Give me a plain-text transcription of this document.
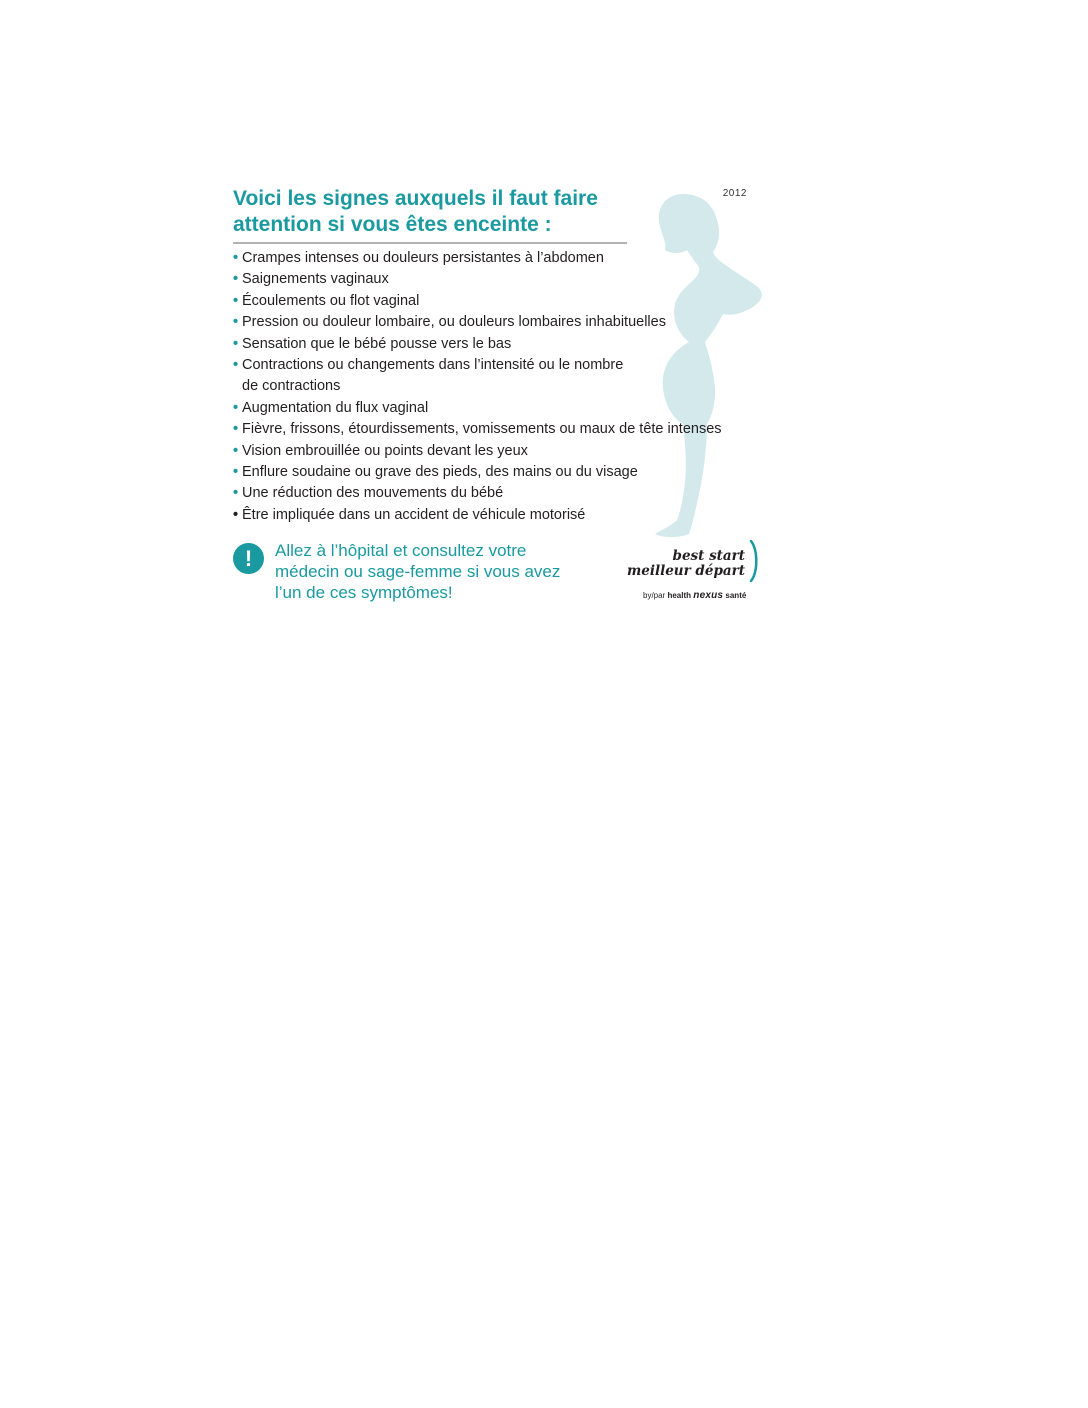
2012
Voici les signes auxquels il faut faire
attention si vous êtes enceinte :
• Crampes intenses ou douleurs persistantes à l’abdomen
• Saignements vaginaux
• Écoulements ou flot vaginal
• Pression ou douleur lombaire, ou douleurs lombaires inhabituelles
• Sensation que le bébé pousse vers le bas
• Contractions ou changements dans l’intensité ou le nombre
de contractions
• Augmentation du flux vaginal
• Fièvre, frissons, étourdissements, vomissements ou maux de tête intenses
• Vision embrouillée ou points devant les yeux
• Enflure soudaine ou grave des pieds, des mains ou du visage
• Une réduction des mouvements du bébé
• Être impliquée dans un accident de véhicule motorisé
!	Allez à l’hôpital et consultez votre
médecin ou sage-femme si vous avez
l’un de ces symptômes!

best start
meilleur départ
by/par health nexus santé
